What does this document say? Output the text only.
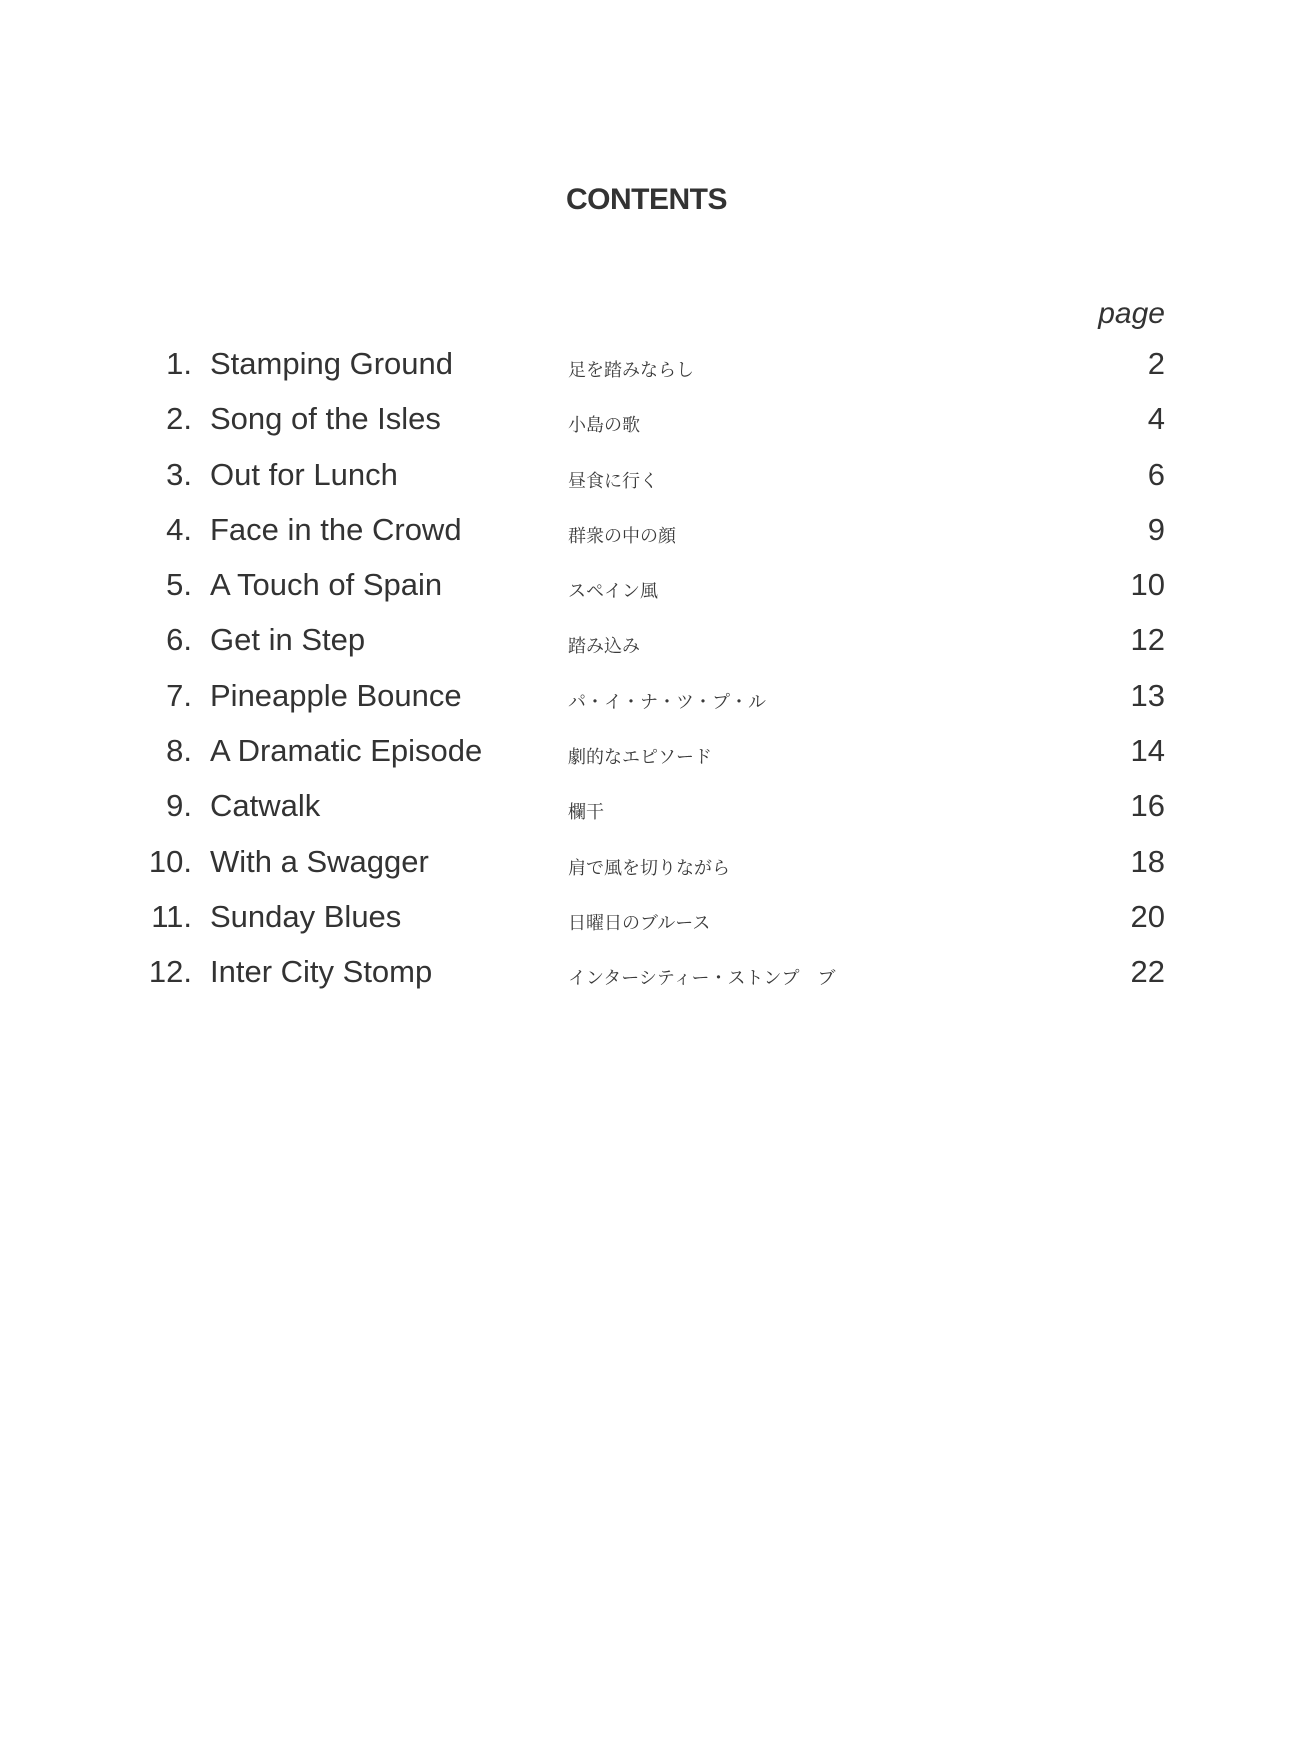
CONTENTS
page
1. Stamping Ground	足を踏みならし	2
2. Song of the Isles	小島の歌	4
3. Out for Lunch	昼食に行く	6
4. Face in the Crowd	群衆の中の顔	9
5. A Touch of Spain	スペイン風	10
6. Get in Step	踏み込み	12
7. Pineapple Bounce	パ・イ・ナ・ツ・プ・ル	13
8. A Dramatic Episode	劇的なエピソード	14
9. Catwalk	欄干	16
10. With a Swagger	肩で風を切りながら	18
11. Sunday Blues	日曜日のブルース	20
12. Inter City Stomp	インターシティー・ストンプ　ブ	22
